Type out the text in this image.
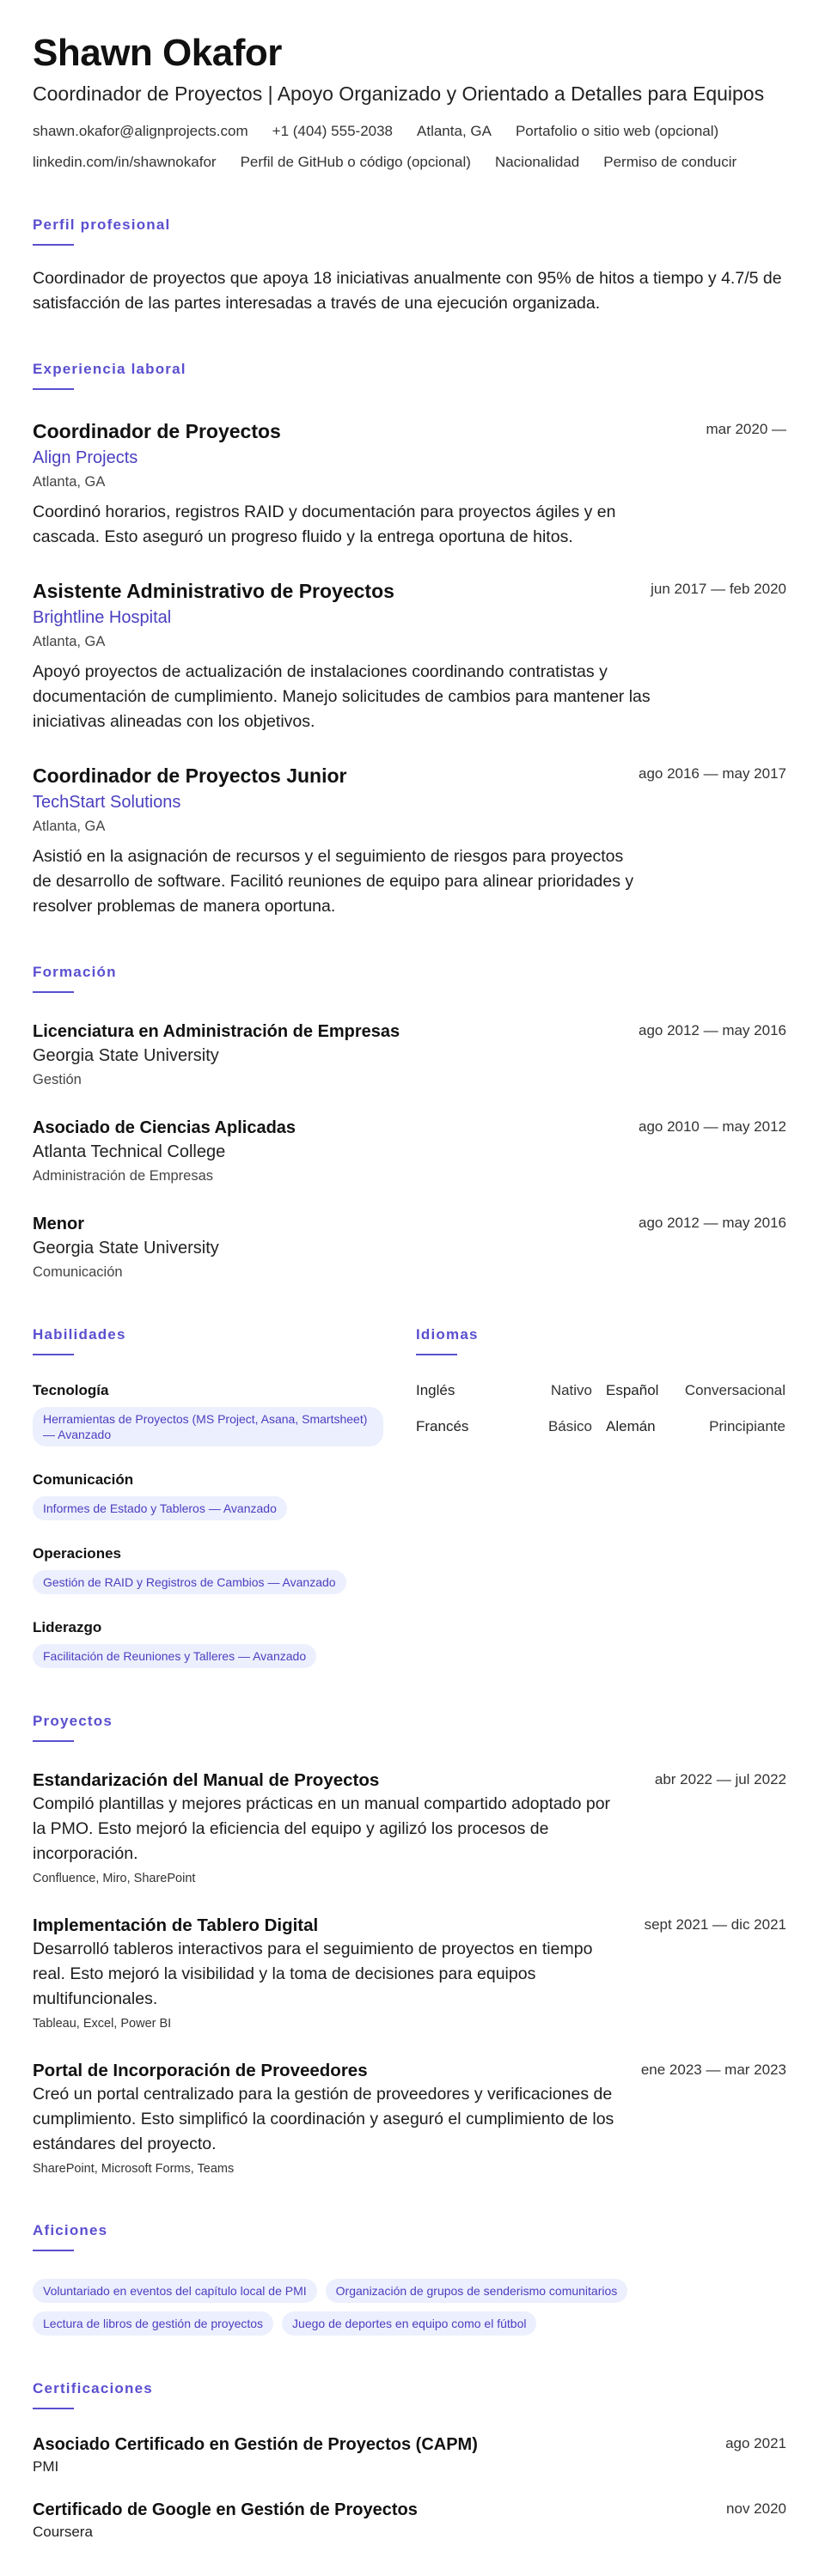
Shawn Okafor
Coordinador de Proyectos | Apoyo Organizado y Orientado a Detalles para Equipos
shawn.okafor@alignprojects.com +1 (404) 555-2038 Atlanta, GA Portafolio o sitio web (opcional)
linkedin.com/in/shawnokafor Perfil de GitHub o código (opcional) Nacionalidad Permiso de conducir
Perfil profesional

Coordinador de proyectos que apoya 18 iniciativas anualmente con 95% de hitos a tiempo y 4.7/5 de satisfacción de las partes interesadas a través de una ejecución organizada.

Experiencia laboral
Coordinador de Proyectos
Align Projects
Atlanta, GA

Coordinó horarios, registros RAID y documentación para proyectos ágiles y en cascada. Esto aseguró un progreso fluido y la entrega oportuna de hitos.

mar 2020 —
Asistente Administrativo de Proyectos
Brightline Hospital
Atlanta, GA

Apoyó proyectos de actualización de instalaciones coordinando contratistas y documentación de cumplimiento. Manejo solicitudes de cambios para mantener las iniciativas alineadas con los objetivos.

jun 2017 — feb 2020
Coordinador de Proyectos Junior
TechStart Solutions
Atlanta, GA

Asistió en la asignación de recursos y el seguimiento de riesgos para proyectos de desarrollo de software. Facilitó reuniones de equipo para alinear prioridades y resolver problemas de manera oportuna.

ago 2016 — may 2017
Formación
Licenciatura en Administración de Empresas
Georgia State University
Gestión
ago 2012 — may 2016
Asociado de Ciencias Aplicadas
Atlanta Technical College
Administración de Empresas
ago 2010 — may 2012
Menor
Georgia State University
Comunicación
ago 2012 — may 2016
Habilidades
Tecnología
Herramientas de Proyectos (MS Project, Asana, Smartsheet) — Avanzado
Comunicación
Informes de Estado y Tableros — Avanzado
Operaciones
Gestión de RAID y Registros de Cambios — Avanzado
Liderazgo
Facilitación de Reuniones y Talleres — Avanzado
Idiomas
Inglés	Nativo Español	Conversacional
Francés	Básico Alemán	Principiante
Proyectos
Estandarización del Manual de Proyectos

Compiló plantillas y mejores prácticas en un manual compartido adoptado por la PMO. Esto mejoró la eficiencia del equipo y agilizó los procesos de incorporación.

Confluence, Miro, SharePoint
abr 2022 — jul 2022
Implementación de Tablero Digital

Desarrolló tableros interactivos para el seguimiento de proyectos en tiempo real. Esto mejoró la visibilidad y la toma de decisiones para equipos multifuncionales.

Tableau, Excel, Power BI
sept 2021 — dic 2021
Portal de Incorporación de Proveedores

Creó un portal centralizado para la gestión de proveedores y verificaciones de cumplimiento. Esto simplificó la coordinación y aseguró el cumplimiento de los estándares del proyecto.

SharePoint, Microsoft Forms, Teams
ene 2023 — mar 2023
Aficiones
Voluntariado en eventos del capítulo local de PMI Organización de grupos de senderismo comunitarios
Lectura de libros de gestión de proyectos Juego de deportes en equipo como el fútbol
Certificaciones
Asociado Certificado en Gestión de Proyectos (CAPM)
PMI
ago 2021
Certificado de Google en Gestión de Proyectos
Coursera
nov 2020
